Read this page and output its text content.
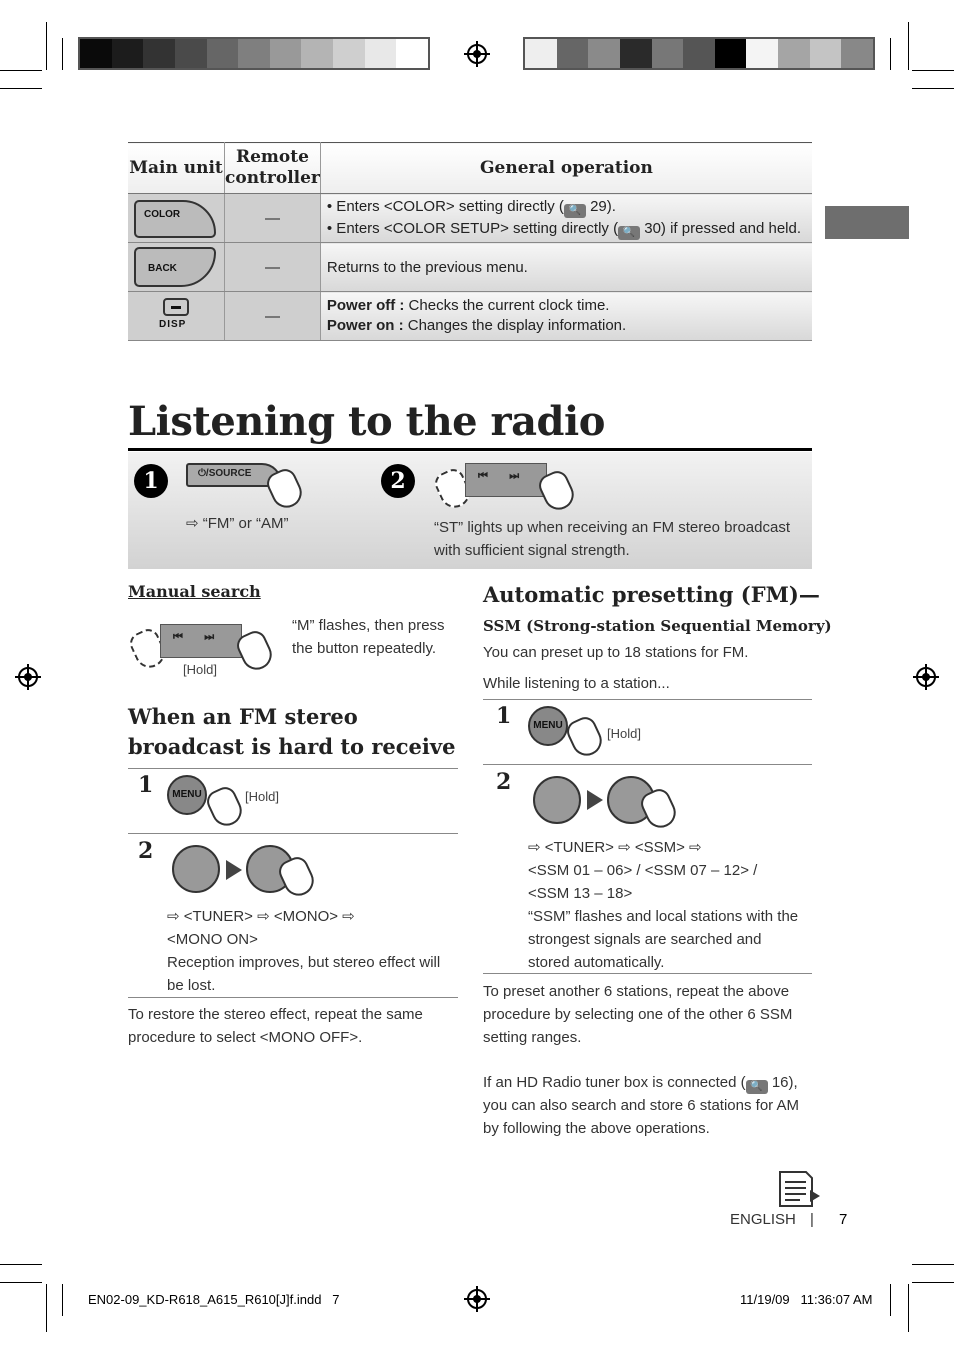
Main unit	Remote controller	General operation

COLOR	—	• Enters <COLOR> setting directly ( 🔍 29).
• Enters <COLOR SETUP> setting directly ( 🔍 30) if pressed and held.

BACK	—	Returns to the previous menu.

DISP	—	Power off : Checks the current clock time.
Power on : Changes the display information.
Listening to the radio
1	⏻/SOURCE
⇨ “FM” or “AM”
2	⏮       ⏭
“ST” lights up when receiving an FM stereo broadcast with sufficient signal strength.
Manual search
⏮       ⏭
[Hold]
“M” flashes, then press the button repeatedly.
When an FM stereo broadcast is hard to receive
1	MENU	[Hold]
2
⇨ <TUNER> ⇨ <MONO> ⇨
<MONO ON>
Reception improves, but stereo effect will be lost.
To restore the stereo effect, repeat the same procedure to select <MONO OFF>.
Automatic presetting (FM)—
SSM (Strong-station Sequential Memory)
You can preset up to 18 stations for FM.
While listening to a station...
1	MENU
[Hold]
2
⇨ <TUNER> ⇨ <SSM> ⇨
<SSM 01 – 06> / <SSM 07 – 12> /
<SSM 13 – 18>
“SSM” flashes and local stations with the strongest signals are searched and stored automatically.
To preset another 6 stations, repeat the above procedure by selecting one of the other 6 SSM setting ranges.
If an HD Radio tuner box is connected ( 🔍 16), you can also search and store 6 stations for AM by following the above operations.
ENGLISH | 7
EN02-09_KD-R618_A615_R610[J]f.indd   7	11/19/09   11:36:07 AM
